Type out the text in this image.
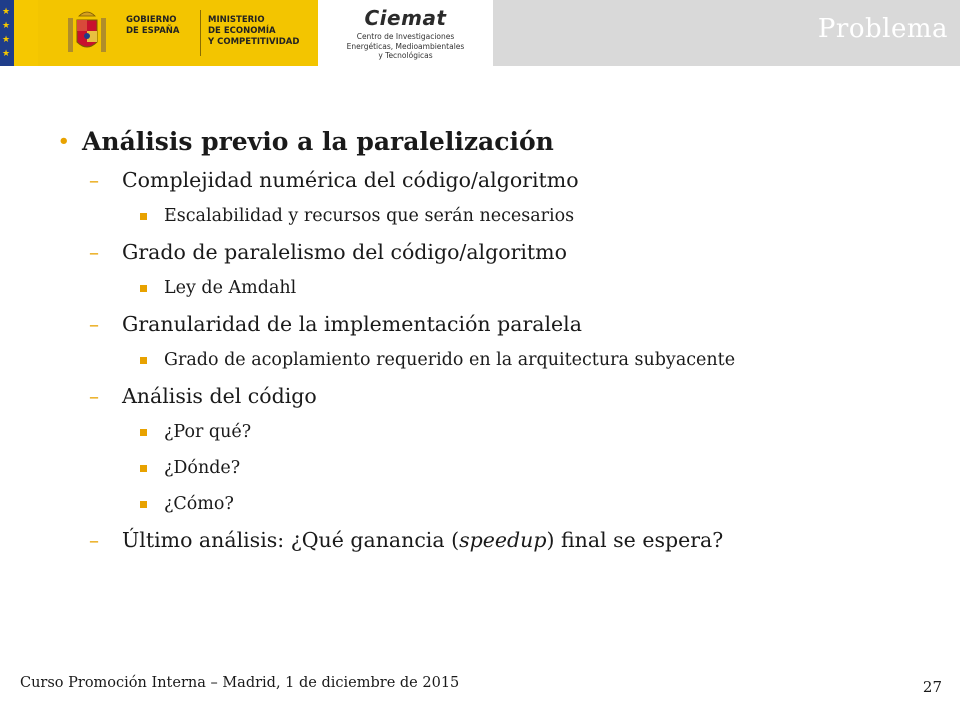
★
★
★
★
GOBIERNO
DE ESPAÑA
MINISTERIO
DE ECONOMÍA
Y COMPETITIVIDAD
Ciemat
Centro de Investigaciones
Energéticas, Medioambientales
y Tecnológicas
Problema
• Análisis previo a la paralelización
– Complejidad numérica del código/algoritmo
Escalabilidad y recursos que serán necesarios
– Grado de paralelismo del código/algoritmo
Ley de Amdahl
– Granularidad de la implementación paralela
Grado de acoplamiento requerido en la arquitectura subyacente
– Análisis del código
¿Por qué?
¿Dónde?
¿Cómo?
– Último análisis: ¿Qué ganancia (speedup) final se espera?
Curso Promoción Interna – Madrid, 1 de diciembre de 2015	27
